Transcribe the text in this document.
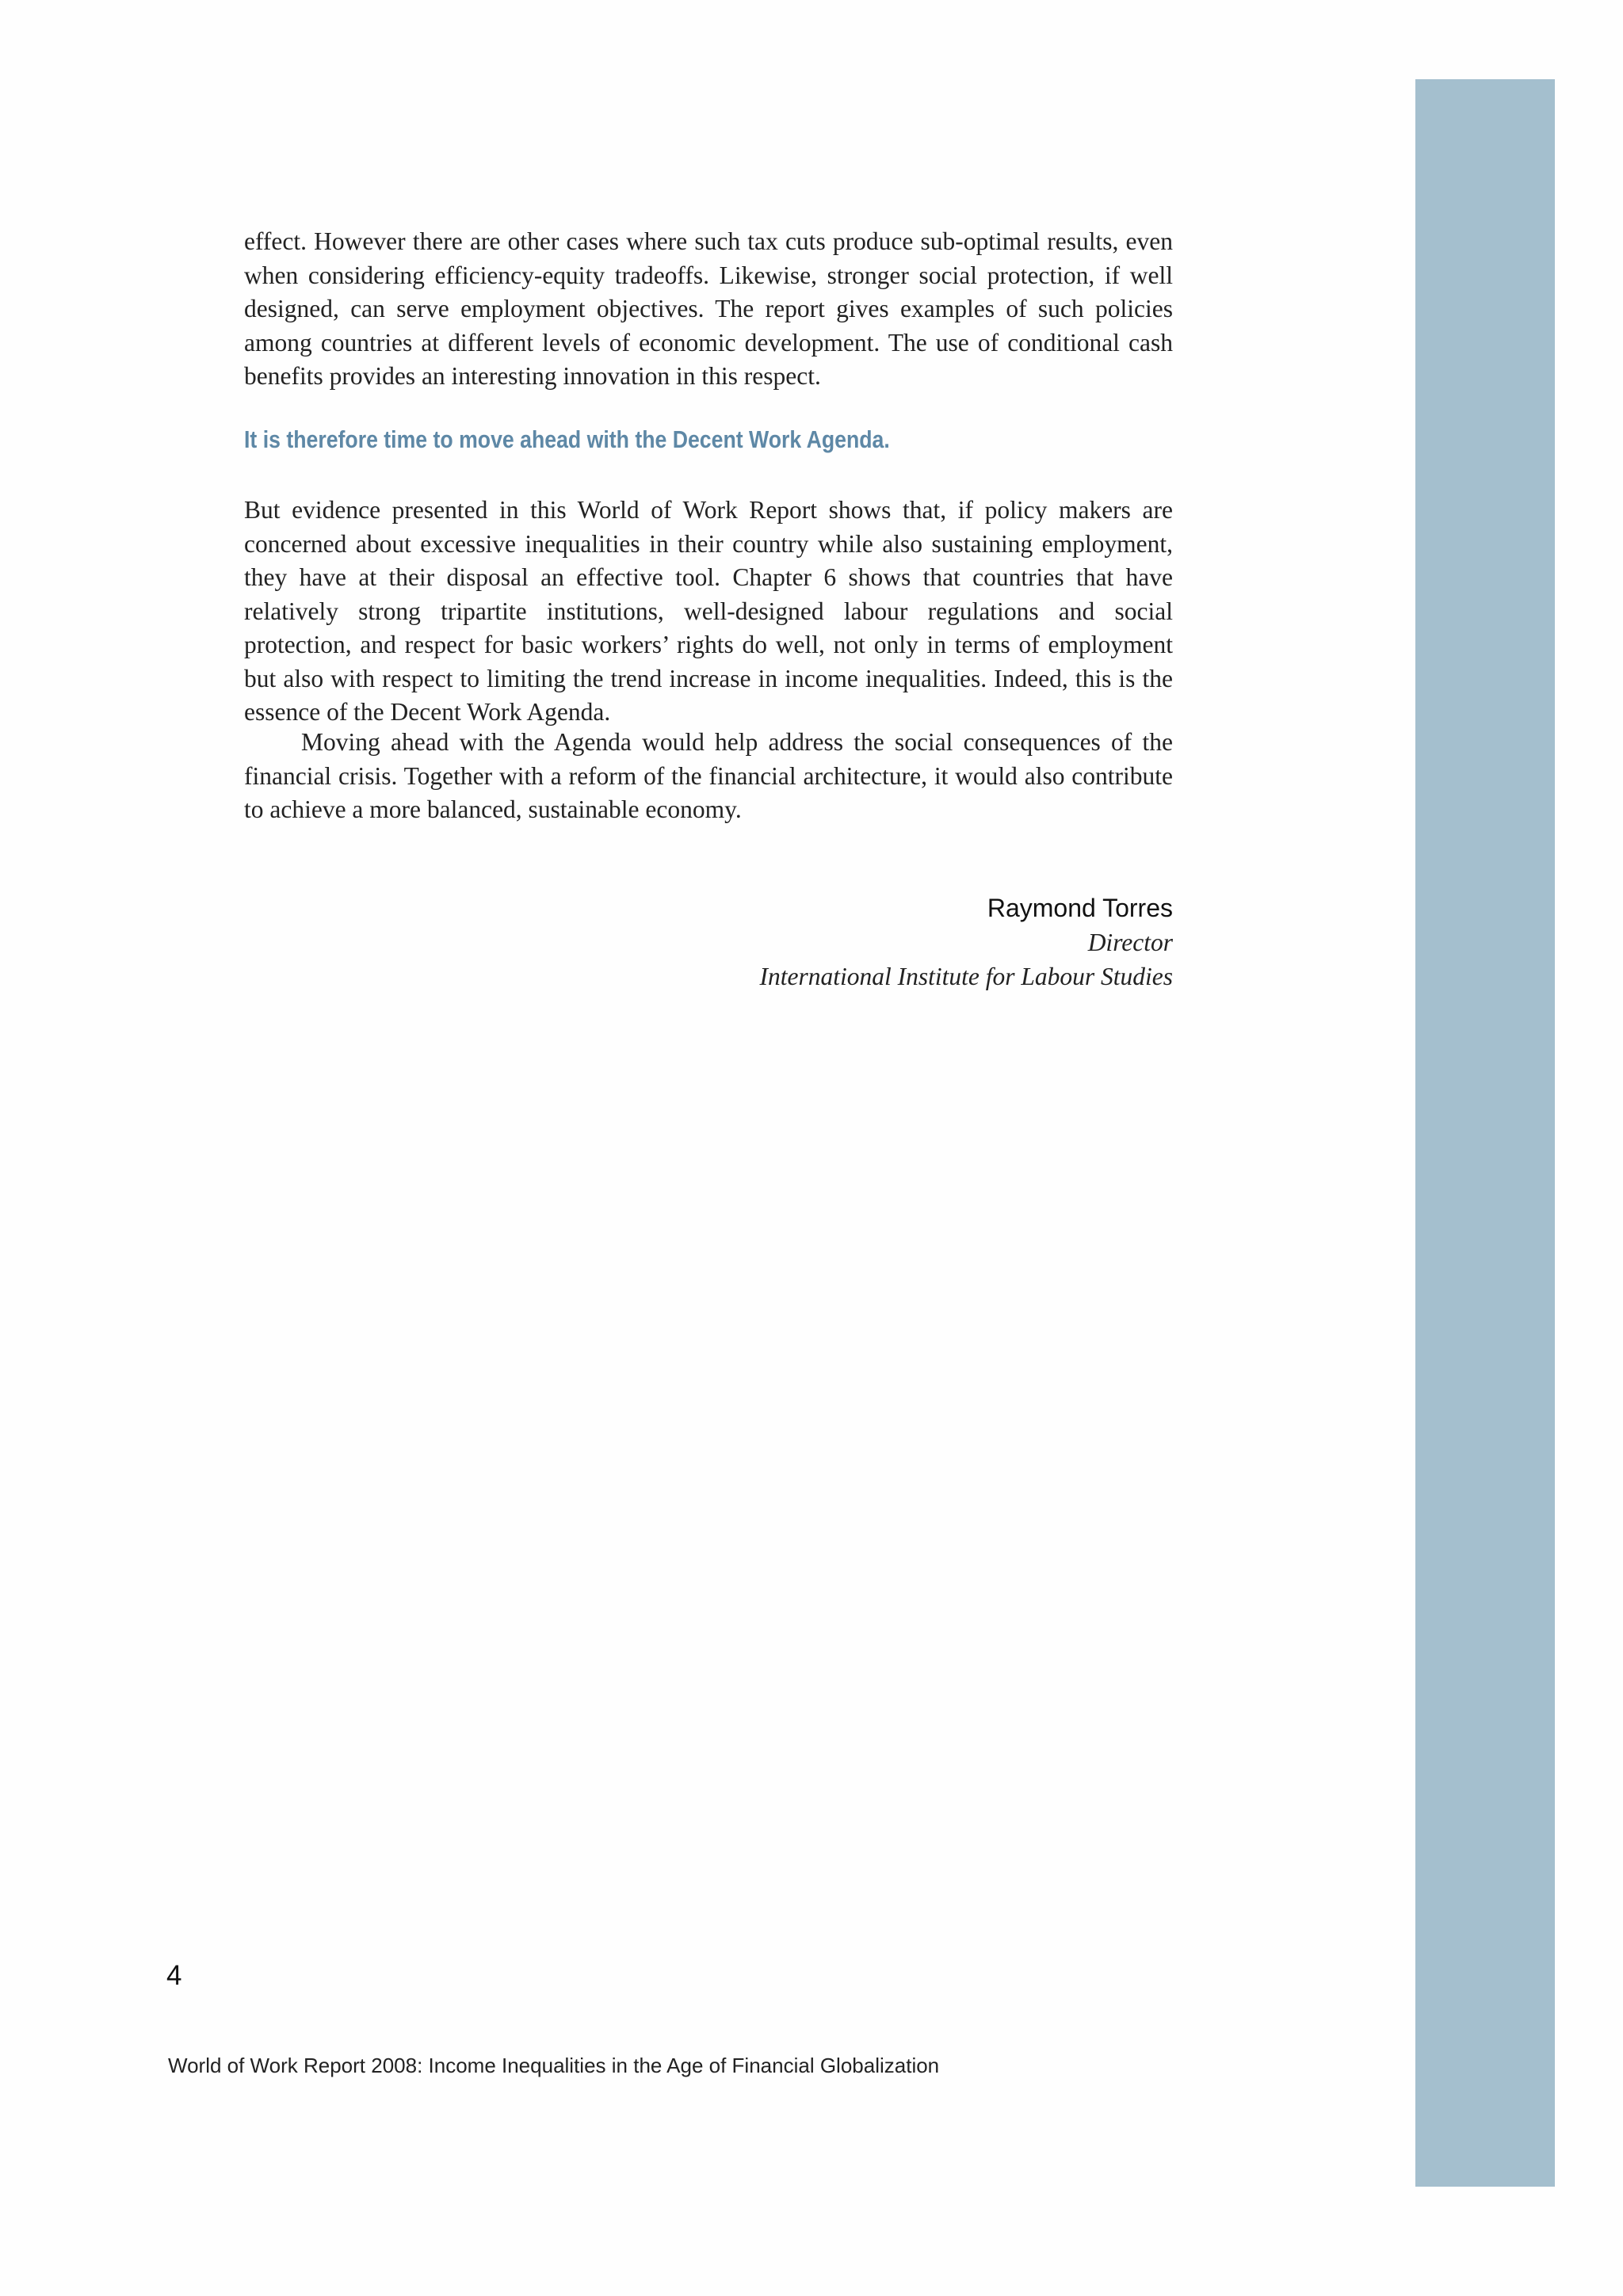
effect. However there are other cases where such tax cuts produce sub-optimal results, even when considering efficiency-equity tradeoffs. Likewise, stronger social protection, if well designed, can serve employment objectives. The report gives examples of such policies among countries at different levels of economic development. The use of conditional cash benefits provides an interesting innovation in this respect.

It is therefore time to move ahead with the Decent Work Agenda.

But evidence presented in this World of Work Report shows that, if policy makers are concerned about excessive inequalities in their country while also sustaining employment, they have at their disposal an effective tool. Chapter 6 shows that countries that have relatively strong tripartite institutions, well-designed labour regulations and social protection, and respect for basic workers’ rights do well, not only in terms of employment but also with respect to limiting the trend increase in income inequalities. Indeed, this is the essence of the Decent Work Agenda.

Moving ahead with the Agenda would help address the social consequences of the financial crisis. Together with a reform of the financial architecture, it would also contribute to achieve a more balanced, sustainable economy.

Raymond Torres
Director
International Institute for Labour Studies

4

World of Work Report 2008: Income Inequalities in the Age of Financial Globalization
